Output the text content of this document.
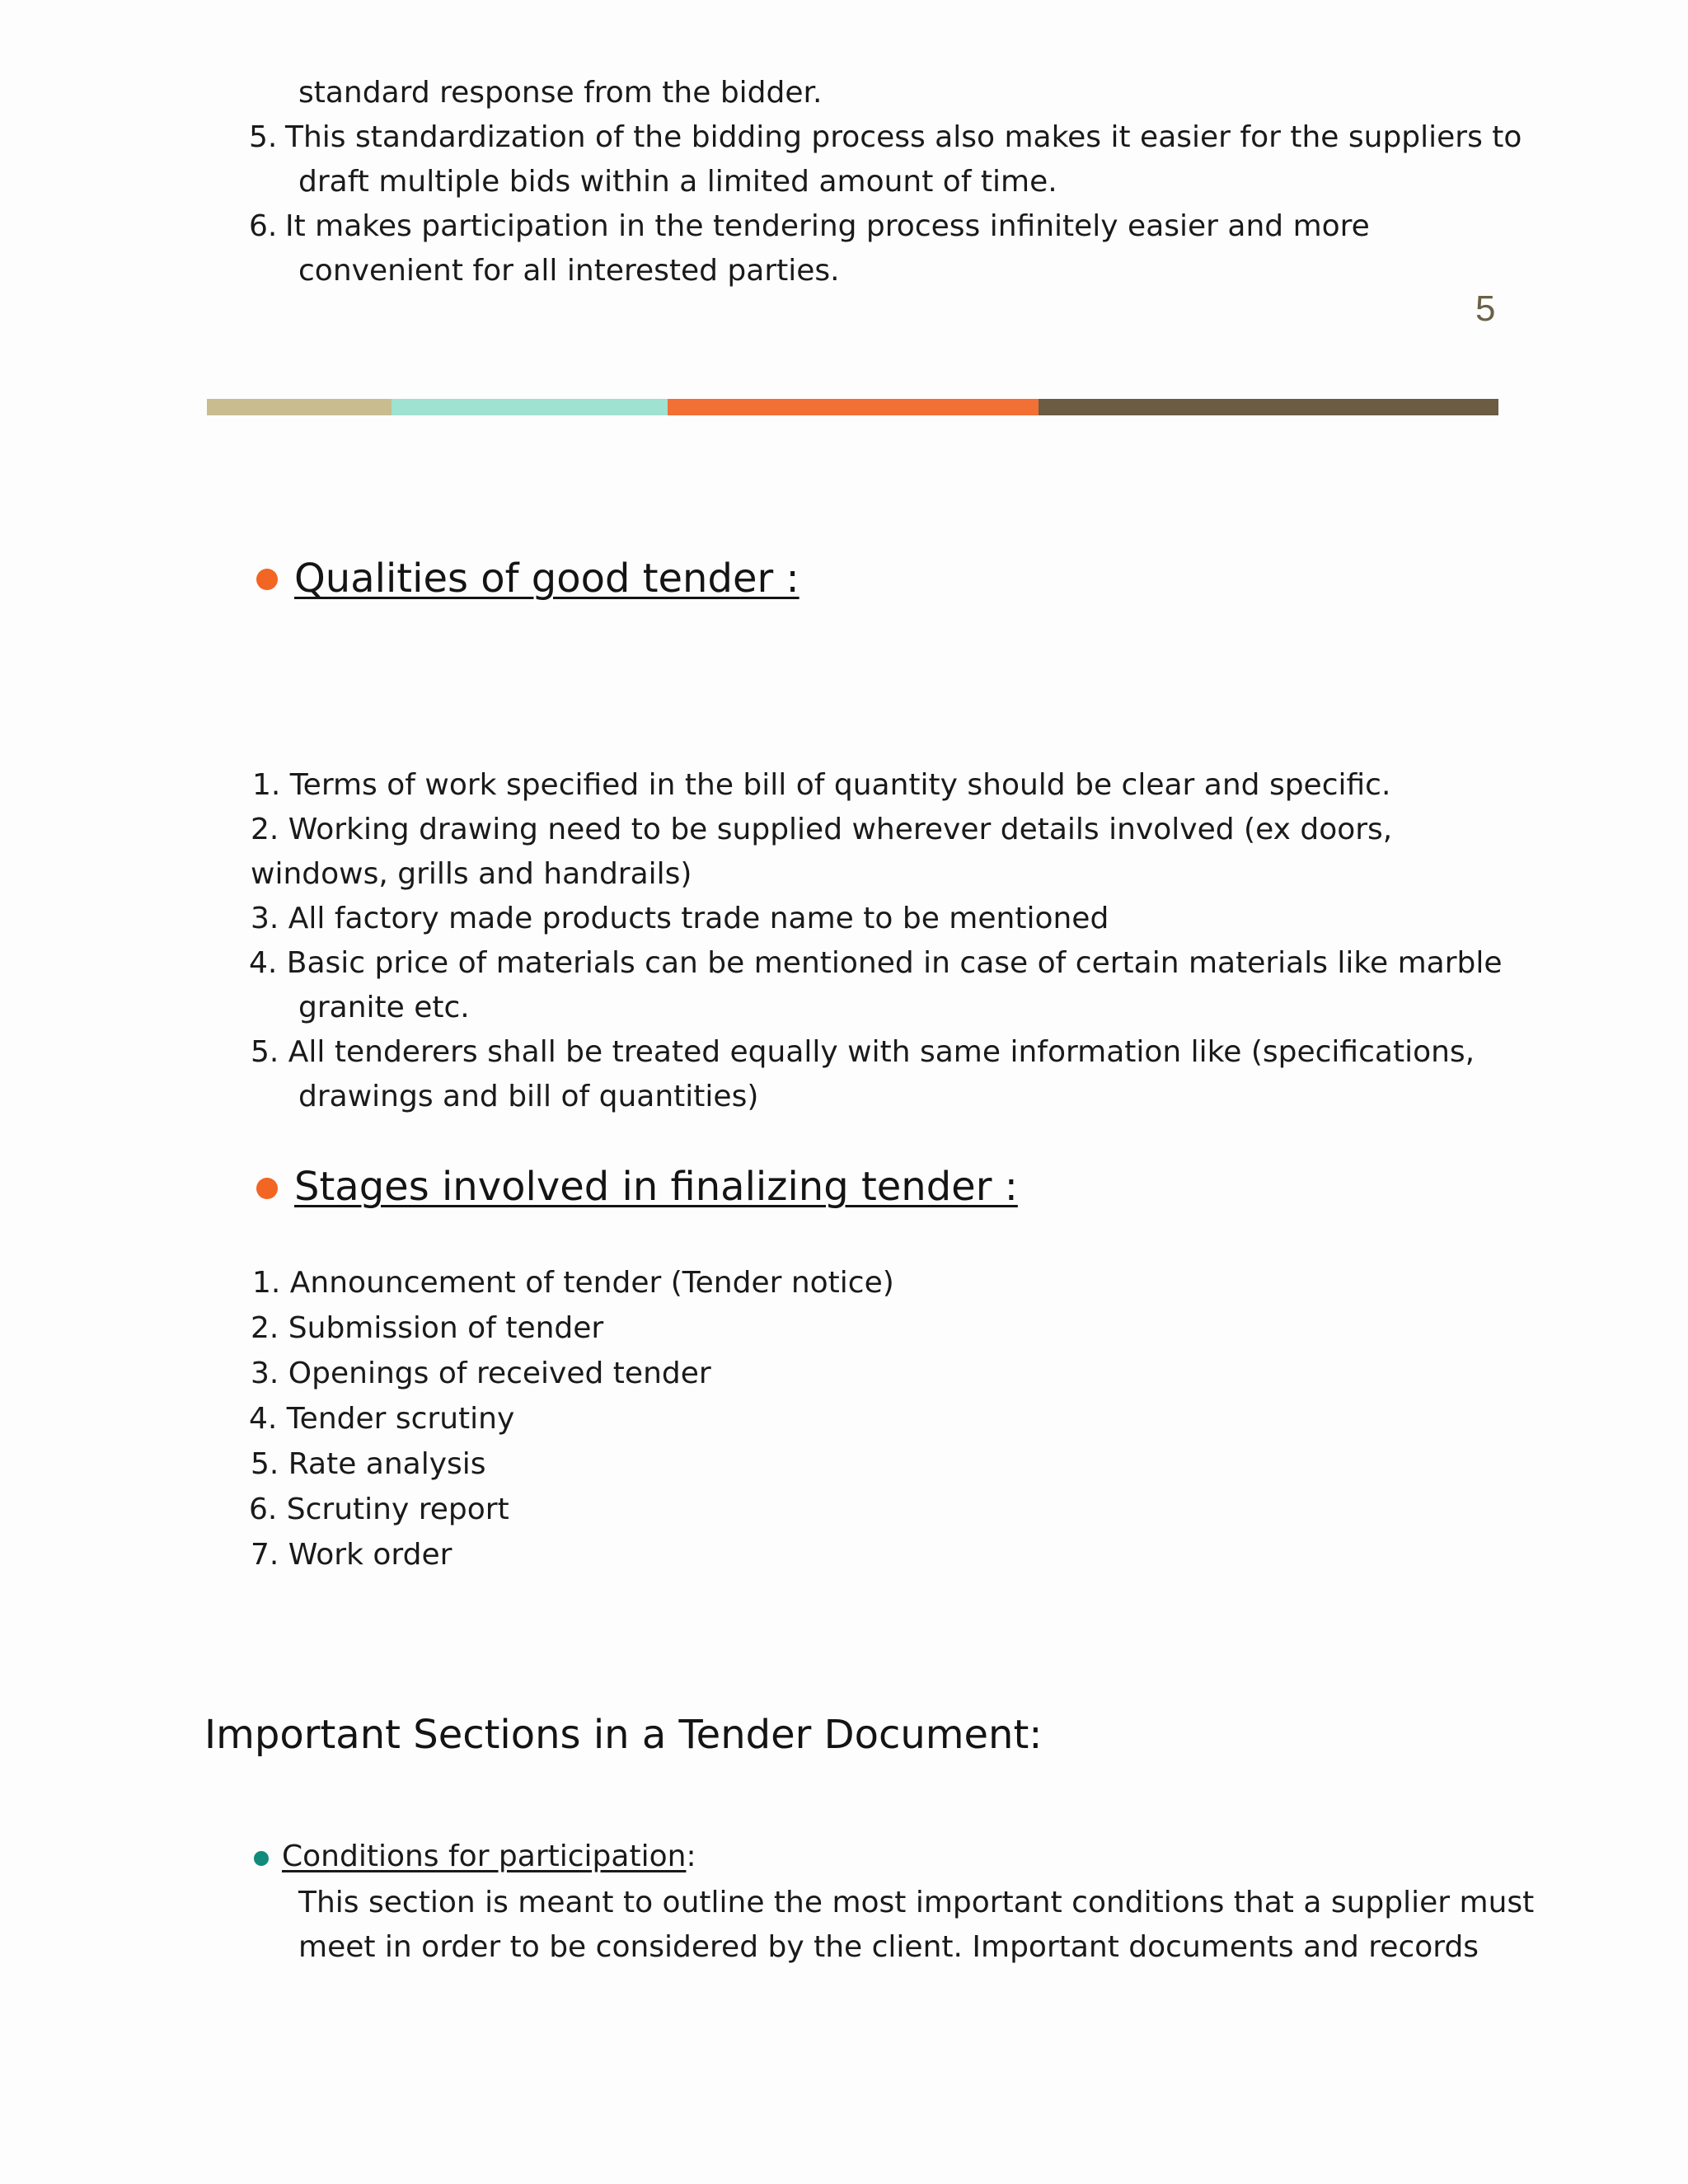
standard response from the bidder.

5. This standardization of the bidding process also makes it easier for the suppliers to

draft multiple bids within a limited amount of time.

6. It makes participation in the tendering process infinitely easier and more

convenient for all interested parties.

5
Qualities of good tender :

1. Terms of work specified in the bill of quantity should be clear and specific.

2. Working drawing need to be supplied wherever details involved (ex doors,

windows, grills and handrails)

3. All factory made products trade name to be mentioned

4. Basic price of materials can be mentioned in case of certain materials like marble

granite etc.

5. All tenderers shall be treated equally with same information like (specifications,

drawings and bill of quantities)

Stages involved in finalizing tender :

1. Announcement of tender (Tender notice)

2. Submission of tender

3. Openings of received tender

4. Tender scrutiny

5. Rate analysis

6. Scrutiny report

7. Work order

Important Sections in a Tender Document:
Conditions for participation:

This section is meant to outline the most important conditions that a supplier must

meet in order to be considered by the client. Important documents and records
